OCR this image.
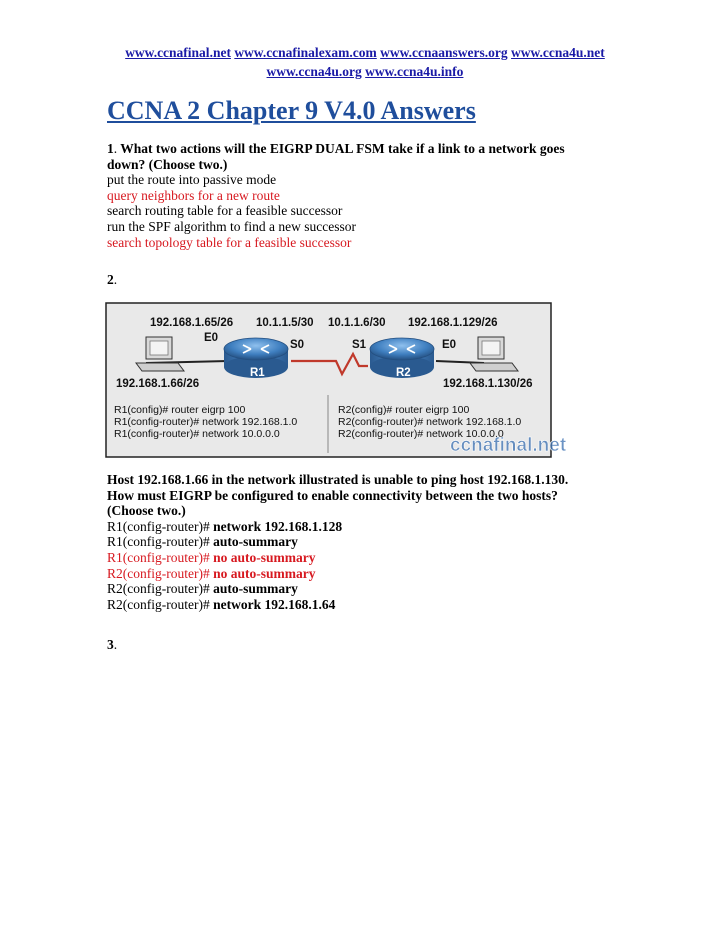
www.ccnafinal.net www.ccnafinalexam.com www.ccnaanswers.org www.ccna4u.net
www.ccna4u.org www.ccna4u.info
CCNA 2 Chapter 9 V4.0 Answers
1. What two actions will the EIGRP DUAL FSM take if a link to a network goes
down? (Choose two.)
put the route into passive mode
query neighbors for a new route
search routing table for a feasible successor
run the SPF algorithm to find a new successor
search topology table for a feasible successor
2.
192.168.1.65/26 10.1.1.5/30 10.1.1.6/30 192.168.1.129/26
E0
S0	S1	E0
R1	R2
192.168.1.66/26	192.168.1.130/26
R1(config)# router eigrp 100
R1(config-router)# network 192.168.1.0
R1(config-router)# network 10.0.0.0
R2(config)# router eigrp 100
R2(config-router)# network 192.168.1.0
R2(config-router)# network 10.0.0.0
ccnafinal.net
Host 192.168.1.66 in the network illustrated is unable to ping host 192.168.1.130.
How must EIGRP be configured to enable connectivity between the two hosts?
(Choose two.)
R1(config-router)# network 192.168.1.128
R1(config-router)# auto-summary
R1(config-router)# no auto-summary
R2(config-router)# no auto-summary
R2(config-router)# auto-summary
R2(config-router)# network 192.168.1.64
3.
